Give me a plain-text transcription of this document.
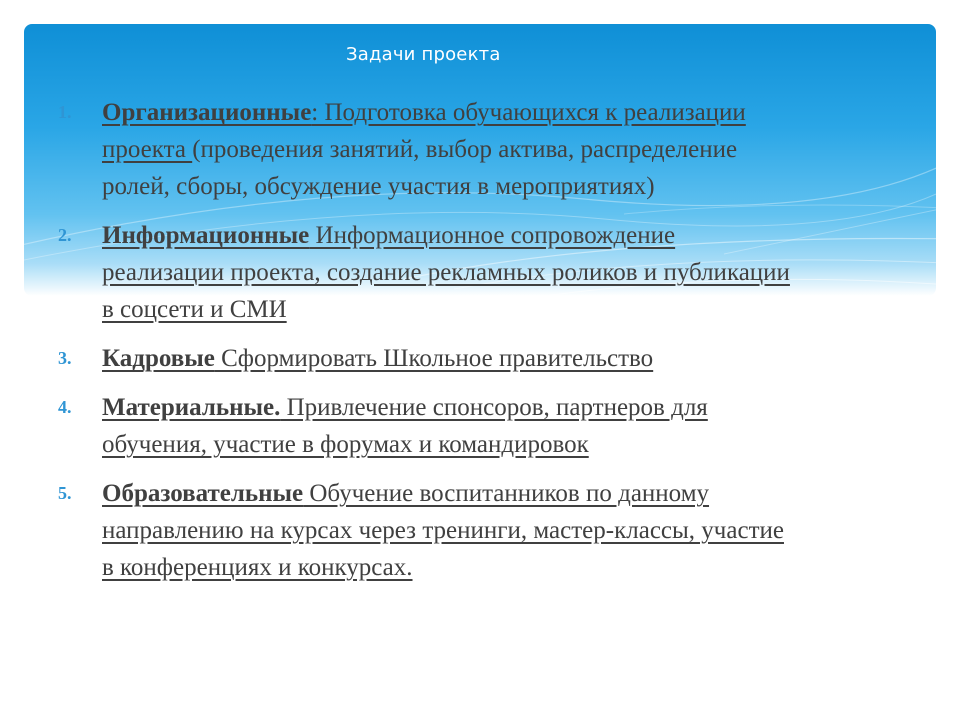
Задачи проекта
1. Организационные: Подготовка обучающихся к реализации проекта (проведения занятий, выбор актива, распределение ролей, сборы, обсуждение участия в мероприятиях)
2. Информационные Информационное сопровождение реализации проекта, создание рекламных роликов и публикации в соцсети и СМИ
3. Кадровые Сформировать Школьное правительство
4. Материальные. Привлечение спонсоров, партнеров для обучения, участие в форумах и командировок
5. Образовательные Обучение воспитанников по данному направлению на курсах через тренинги, мастер-классы, участие в конференциях и конкурсах.
